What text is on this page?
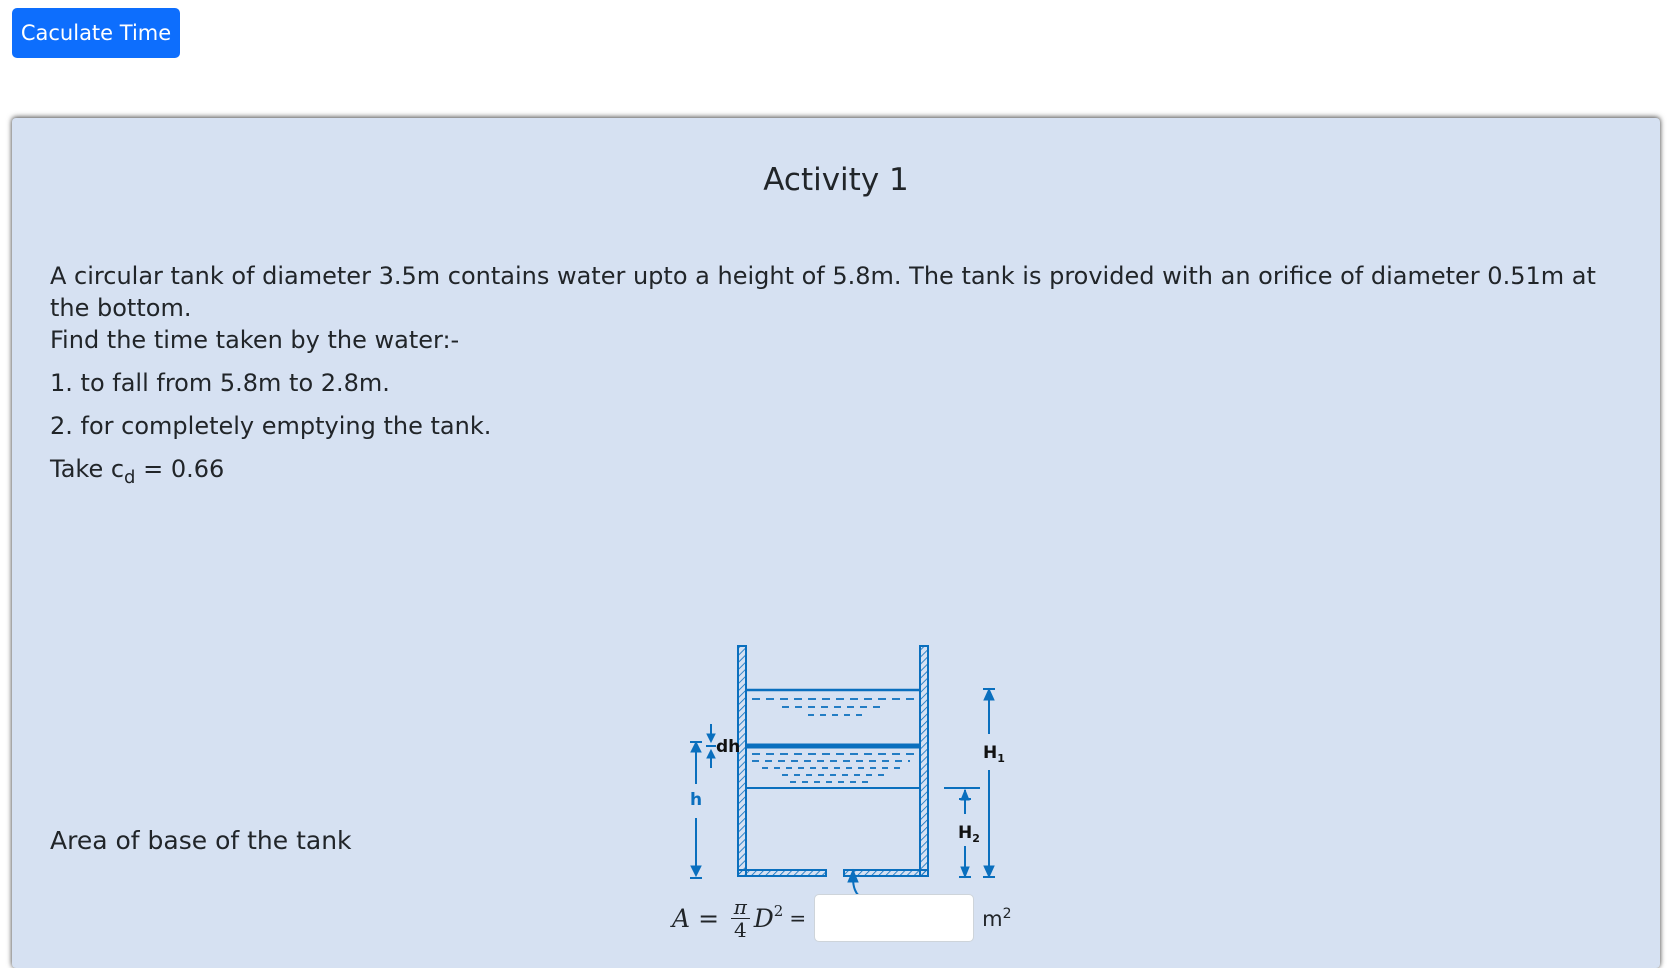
Caculate Time
Activity 1

A circular tank of diameter 3.5m contains water upto a height of 5.8m. The tank is provided with an orifice of diameter 0.51m at the bottom.

Find the time taken by the water:-

1. to fall from 5.8m to 2.8m.

2. for completely emptying the tank.

Take $c_d = 0.66$

dh
h
$H_1$
$H_2$

Area of base of the tank

$A = \frac{\pi}{4} D^2$ =	$m^2$
